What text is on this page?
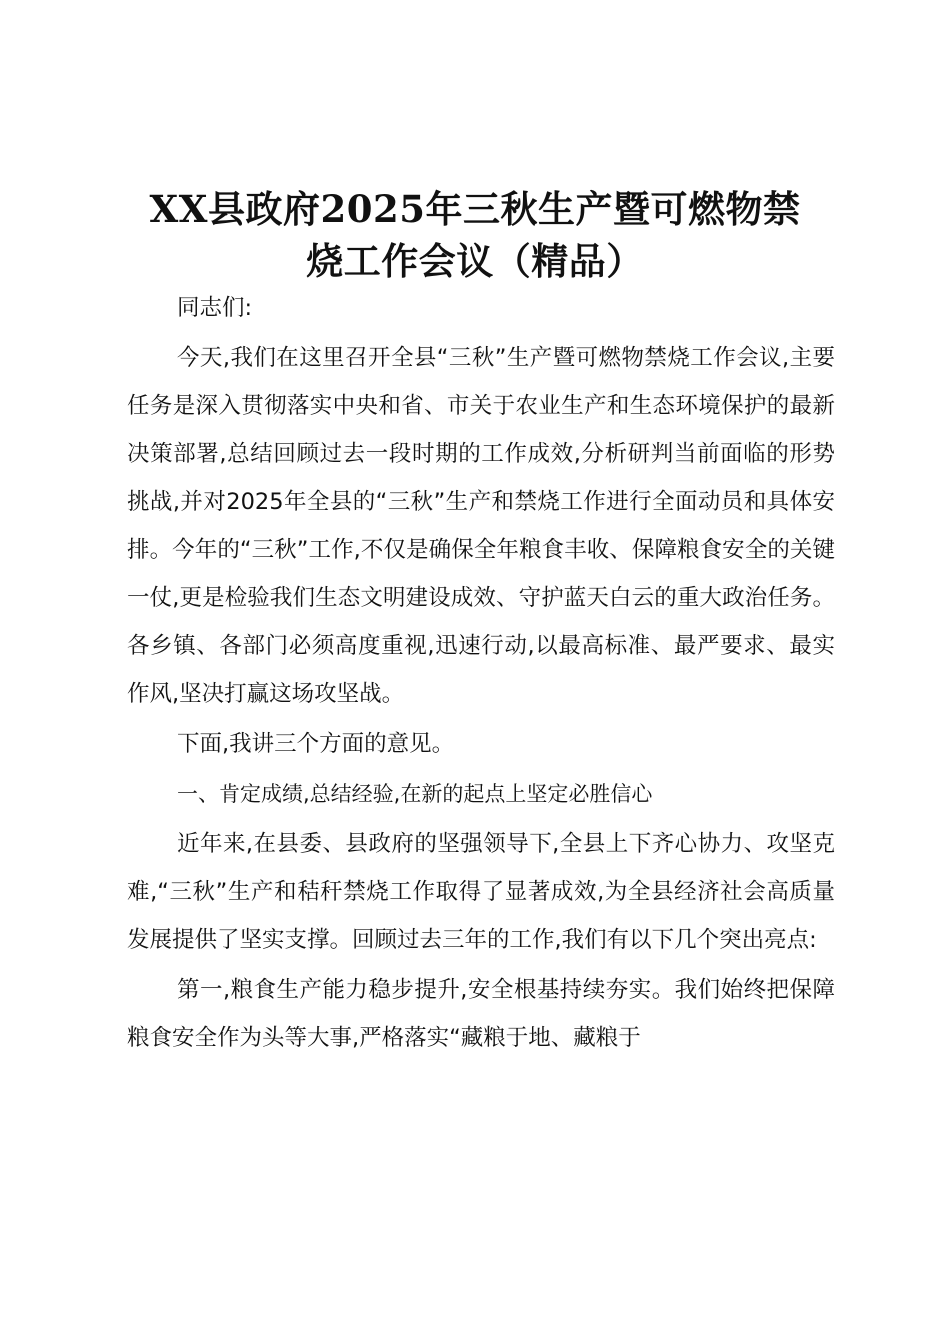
XX县政府2025年三秋生产暨可燃物禁
烧工作会议（精品）

同志们:

今天,我们在这里召开全县“三秋”生产暨可燃物禁烧工作会议,主要任务是深入贯彻落实中央和省、市关于农业生产和生态环境保护的最新决策部署,总结回顾过去一段时期的工作成效,分析研判当前面临的形势挑战,并对2025年全县的“三秋”生产和禁烧工作进行全面动员和具体安排。今年的“三秋”工作,不仅是确保全年粮食丰收、保障粮食安全的关键一仗,更是检验我们生态文明建设成效、守护蓝天白云的重大政治任务。各乡镇、各部门必须高度重视,迅速行动,以最高标准、最严要求、最实作风,坚决打赢这场攻坚战。

下面,我讲三个方面的意见。

一、肯定成绩,总结经验,在新的起点上坚定必胜信心

近年来,在县委、县政府的坚强领导下,全县上下齐心协力、攻坚克难,“三秋”生产和秸秆禁烧工作取得了显著成效,为全县经济社会高质量发展提供了坚实支撑。回顾过去三年的工作,我们有以下几个突出亮点:

第一,粮食生产能力稳步提升,安全根基持续夯实。我们始终把保障粮食安全作为头等大事,严格落实“藏粮于地、藏粮于
